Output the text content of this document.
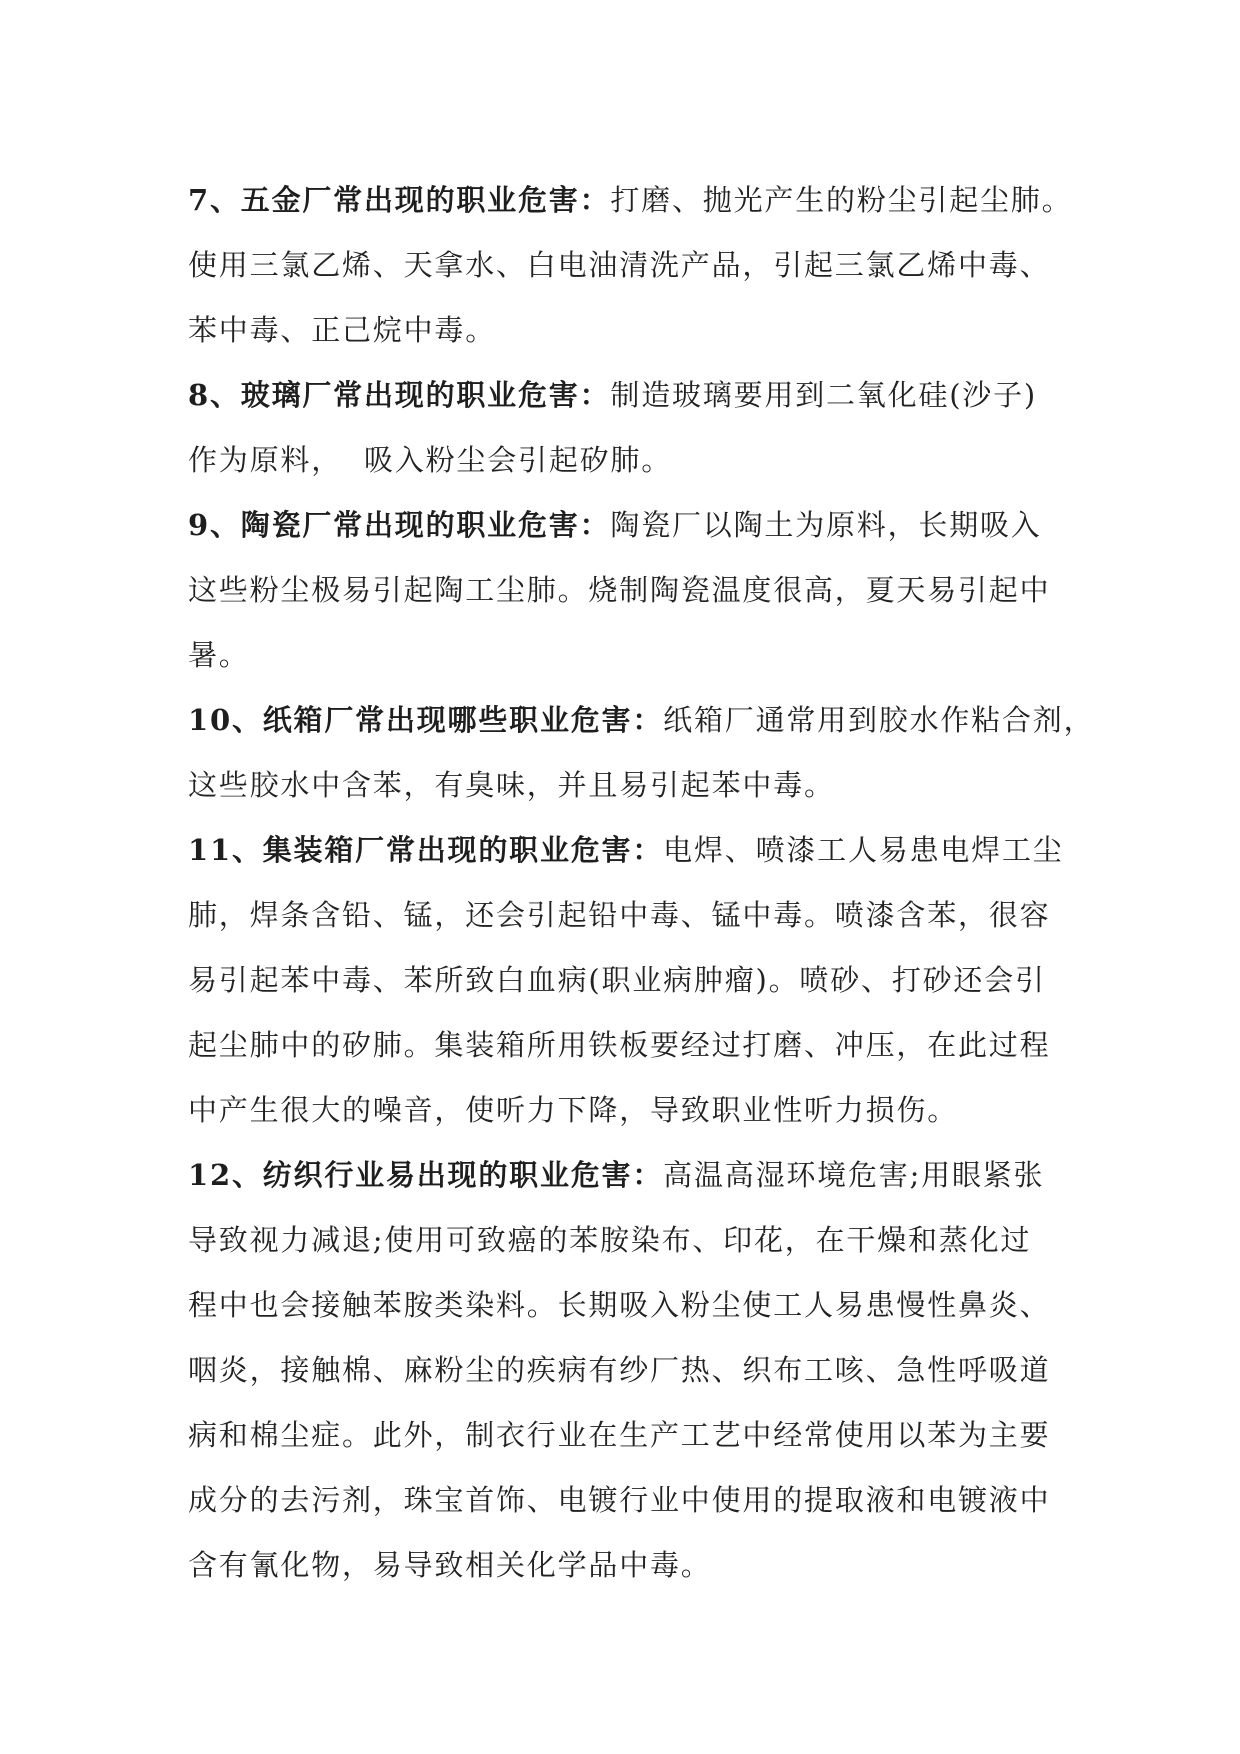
7、五金厂常出现的职业危害：打磨、抛光产生的粉尘引起尘肺。
使用三氯乙烯、天拿水、白电油清洗产品，引起三氯乙烯中毒、
苯中毒、正己烷中毒。
8、玻璃厂常出现的职业危害：制造玻璃要用到二氧化硅(沙子)
作为原料，  吸入粉尘会引起矽肺。
9、陶瓷厂常出现的职业危害：陶瓷厂以陶土为原料，长期吸入
这些粉尘极易引起陶工尘肺。烧制陶瓷温度很高，夏天易引起中
暑。
10、纸箱厂常出现哪些职业危害：纸箱厂通常用到胶水作粘合剂，
这些胶水中含苯，有臭味，并且易引起苯中毒。
11、集装箱厂常出现的职业危害：电焊、喷漆工人易患电焊工尘
肺，焊条含铅、锰，还会引起铅中毒、锰中毒。喷漆含苯，很容
易引起苯中毒、苯所致白血病(职业病肿瘤)。喷砂、打砂还会引
起尘肺中的矽肺。集装箱所用铁板要经过打磨、冲压，在此过程
中产生很大的噪音，使听力下降，导致职业性听力损伤。
12、纺织行业易出现的职业危害：高温高湿环境危害;用眼紧张
导致视力减退;使用可致癌的苯胺染布、印花，在干燥和蒸化过
程中也会接触苯胺类染料。长期吸入粉尘使工人易患慢性鼻炎、
咽炎，接触棉、麻粉尘的疾病有纱厂热、织布工咳、急性呼吸道
病和棉尘症。此外，制衣行业在生产工艺中经常使用以苯为主要
成分的去污剂，珠宝首饰、电镀行业中使用的提取液和电镀液中
含有氰化物，易导致相关化学品中毒。
